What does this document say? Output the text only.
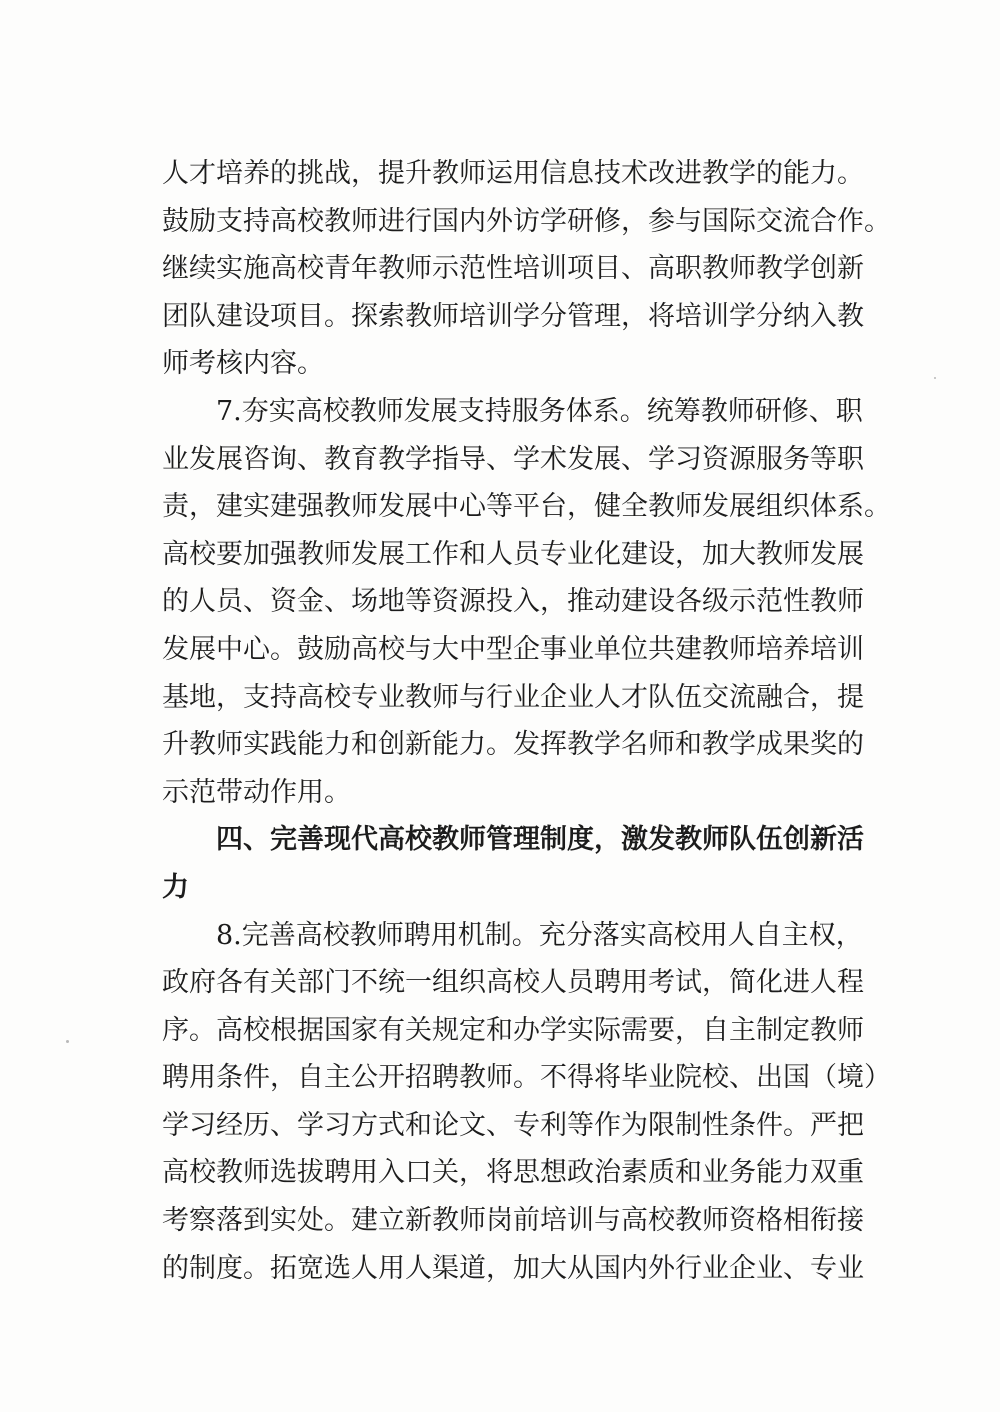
人才培养的挑战，提升教师运用信息技术改进教学的能力。
鼓励支持高校教师进行国内外访学研修，参与国际交流合作。
继续实施高校青年教师示范性培训项目、高职教师教学创新
团队建设项目。探索教师培训学分管理，将培训学分纳入教
师考核内容。
7.夯实高校教师发展支持服务体系。统筹教师研修、职
业发展咨询、教育教学指导、学术发展、学习资源服务等职
责，建实建强教师发展中心等平台，健全教师发展组织体系。
高校要加强教师发展工作和人员专业化建设，加大教师发展
的人员、资金、场地等资源投入，推动建设各级示范性教师
发展中心。鼓励高校与大中型企事业单位共建教师培养培训
基地，支持高校专业教师与行业企业人才队伍交流融合，提
升教师实践能力和创新能力。发挥教学名师和教学成果奖的
示范带动作用。
四、完善现代高校教师管理制度，激发教师队伍创新活
力
8.完善高校教师聘用机制。充分落实高校用人自主权，
政府各有关部门不统一组织高校人员聘用考试，简化进人程
序。高校根据国家有关规定和办学实际需要，自主制定教师
聘用条件，自主公开招聘教师。不得将毕业院校、出国（境）
学习经历、学习方式和论文、专利等作为限制性条件。严把
高校教师选拔聘用入口关，将思想政治素质和业务能力双重
考察落到实处。建立新教师岗前培训与高校教师资格相衔接
的制度。拓宽选人用人渠道，加大从国内外行业企业、专业
